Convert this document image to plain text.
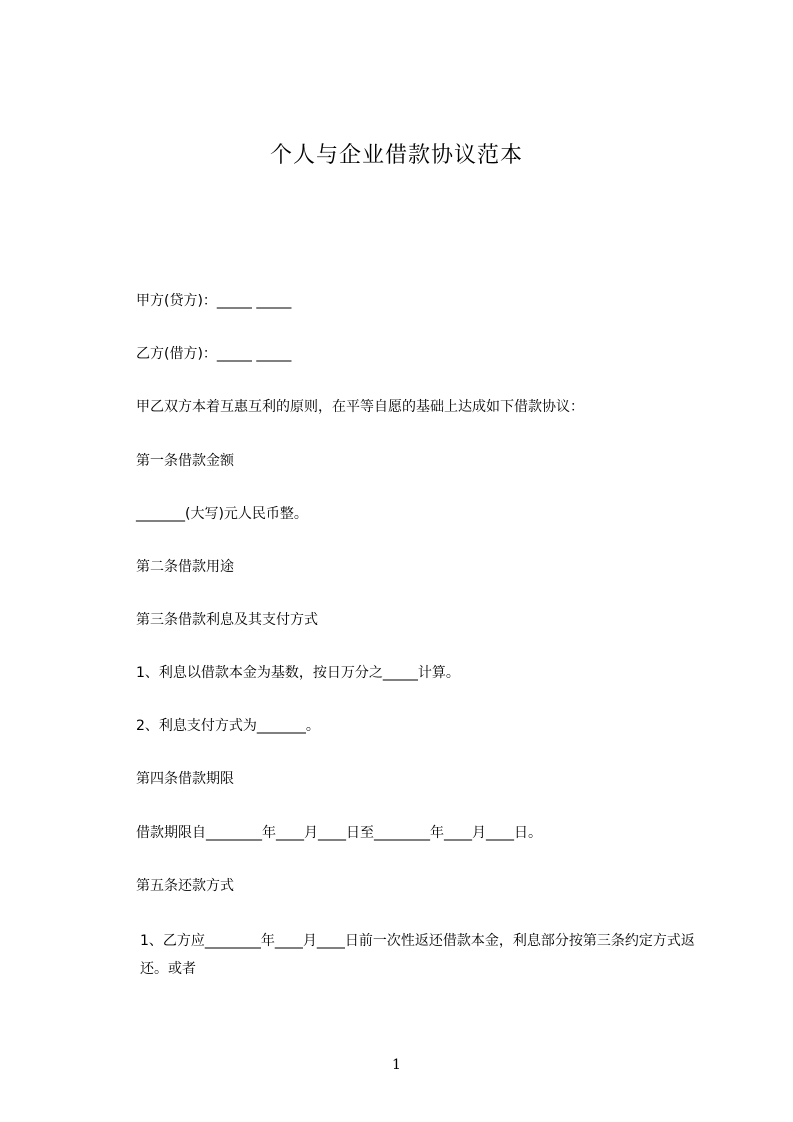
个人与企业借款协议范本
甲方(贷方)：_____ _____
乙方(借方)：_____ _____
甲乙双方本着互惠互利的原则，在平等自愿的基础上达成如下借款协议：
第一条借款金额
_______(大写)元人民币整。
第二条借款用途
第三条借款利息及其支付方式
1、利息以借款本金为基数，按日万分之_____计算。
2、利息支付方式为_______。
第四条借款期限
借款期限自________年____月____日至________年____月____日。
第五条还款方式
1、乙方应________年____月____日前一次性返还借款本金，利息部分按第三条约定方式返还。或者
1
